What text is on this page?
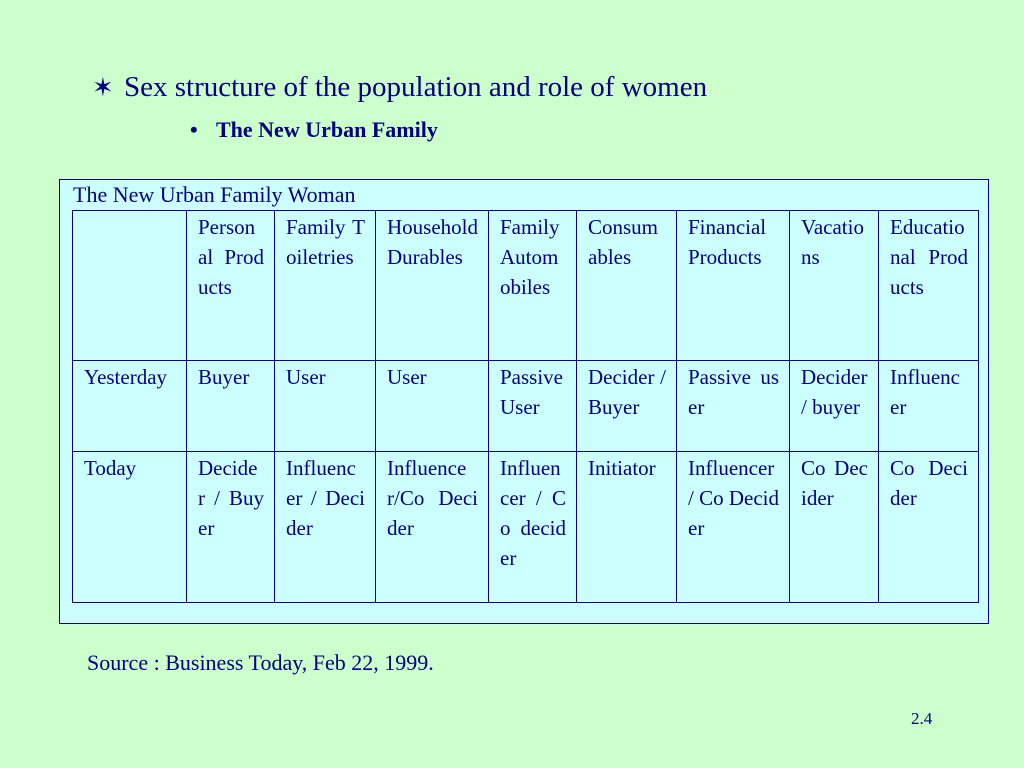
✶ Sex structure of the population and role of women
• The New Urban Family
The New Urban Family Woman
	Personal Products	Family Toiletries	Household Durables	Family Automobiles	Consumables	Financial Products	Vacations	Educational Products
Yesterday	Buyer	User	User	Passive User	Decider / Buyer	Passive user	Decider / buyer	Influencer
Today	Decider / Buyer	Influencer / Decider	Influencer/Co Decider	Influencer / Co decider	Initiator	Influencer / Co Decider	Co Decider	Co Decider
Source : Business Today, Feb 22, 1999.
2.4
